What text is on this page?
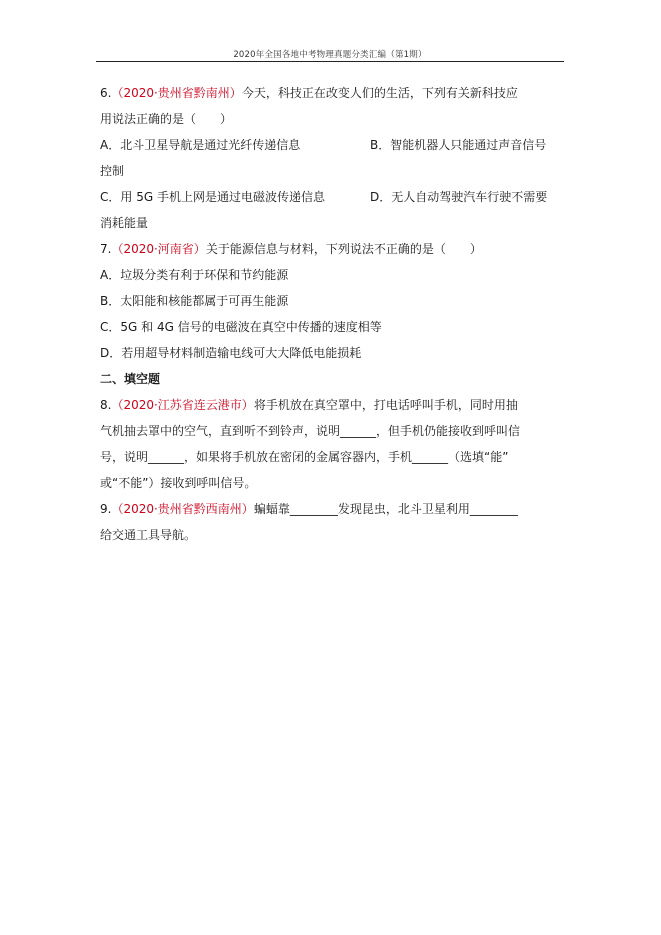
2020年全国各地中考物理真题分类汇编（第1期）
6.（2020·贵州省黔南州）今天，科技正在改变人们的生活，下列有关新科技应
用说法正确的是（　　）
A．北斗卫星导航是通过光纤传递信息	B．智能机器人只能通过声音信号
控制
C．用 5G 手机上网是通过电磁波传递信息	D．无人自动驾驶汽车行驶不需要
消耗能量
7.（2020·河南省）关于能源信息与材料，下列说法不正确的是（　　）
A．垃圾分类有利于环保和节约能源
B．太阳能和核能都属于可再生能源
C．5G 和 4G 信号的电磁波在真空中传播的速度相等
D．若用超导材料制造输电线可大大降低电能损耗
二、填空题
8.（2020·江苏省连云港市）将手机放在真空罩中，打电话呼叫手机，同时用抽
气机抽去罩中的空气，直到听不到铃声，说明______，但手机仍能接收到呼叫信
号，说明______，如果将手机放在密闭的金属容器内，手机______（选填“能”
或“不能”）接收到呼叫信号。
9.（2020·贵州省黔西南州）蝙蝠靠________发现昆虫，北斗卫星利用________
给交通工具导航。
